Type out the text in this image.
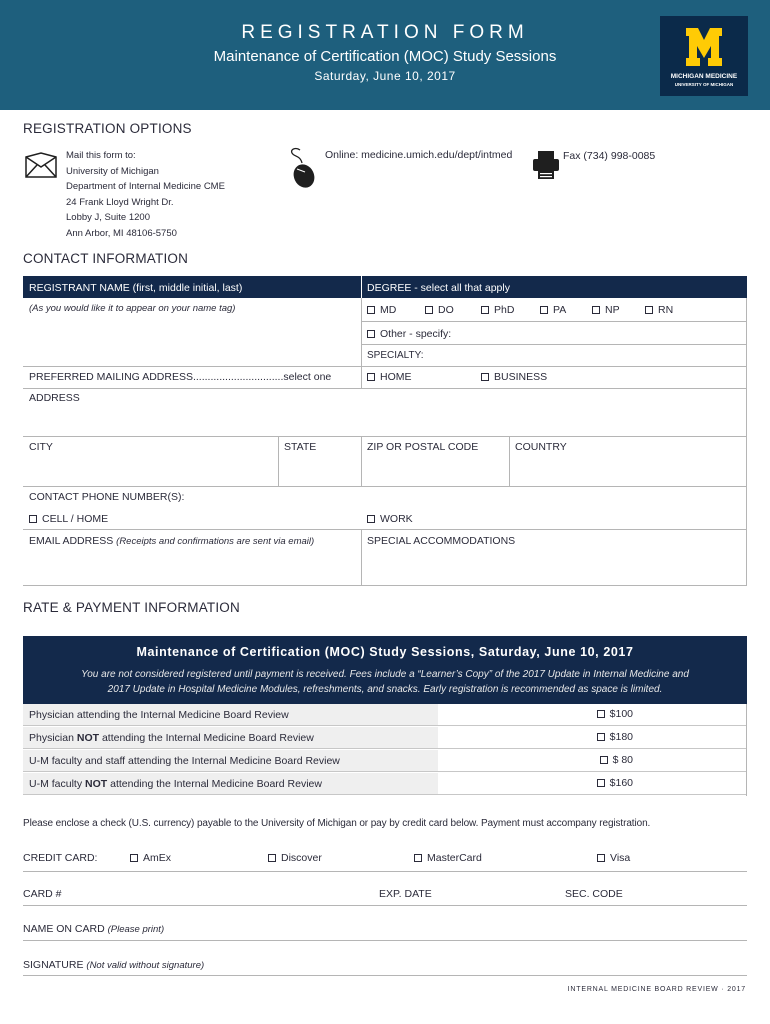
REGISTRATION FORM
Maintenance of Certification (MOC) Study Sessions
Saturday, June 10, 2017	MICHIGAN MEDICINE
UNIVERSITY OF MICHIGAN
REGISTRATION OPTIONS
Mail this form to:
University of Michigan
Department of Internal Medicine CME
24 Frank Lloyd Wright Dr.
Lobby J, Suite 1200
Ann Arbor, MI 48106-5750
Online: medicine.umich.edu/dept/intmed	Fax (734) 998-0085
CONTACT INFORMATION
REGISTRANT NAME (first, middle initial, last)	DEGREE - select all that apply
(As you would like it to appear on your name tag)	MD	DO	PhD	PA	NP	RN
Other - specify:
SPECIALTY:
PREFERRED MAILING ADDRESS...............................select one	HOME	BUSINESS
ADDRESS
CITY	STATE	ZIP OR POSTAL CODE	COUNTRY
CONTACT PHONE NUMBER(S):
CELL / HOME	WORK
EMAIL ADDRESS (Receipts and confirmations are sent via email)	SPECIAL ACCOMMODATIONS
RATE & PAYMENT INFORMATION
Maintenance of Certification (MOC) Study Sessions, Saturday, June 10, 2017
You are not considered registered until payment is received. Fees include a “Learner’s Copy” of the 2017 Update in Internal Medicine and
2017 Update in Hospital Medicine Modules, refreshments, and snacks. Early registration is recommended as space is limited.
Physician attending the Internal Medicine Board Review	$100
Physician NOT attending the Internal Medicine Board Review	$180
U-M faculty and staff attending the Internal Medicine Board Review	$ 80
U-M faculty NOT attending the Internal Medicine Board Review	$160
Please enclose a check (U.S. currency) payable to the University of Michigan or pay by credit card below. Payment must accompany registration.
CREDIT CARD:	AmEx	Discover	MasterCard	Visa
CARD #	EXP. DATE	SEC. CODE
NAME ON CARD (Please print)
SIGNATURE (Not valid without signature)
INTERNAL MEDICINE BOARD REVIEW · 2017
